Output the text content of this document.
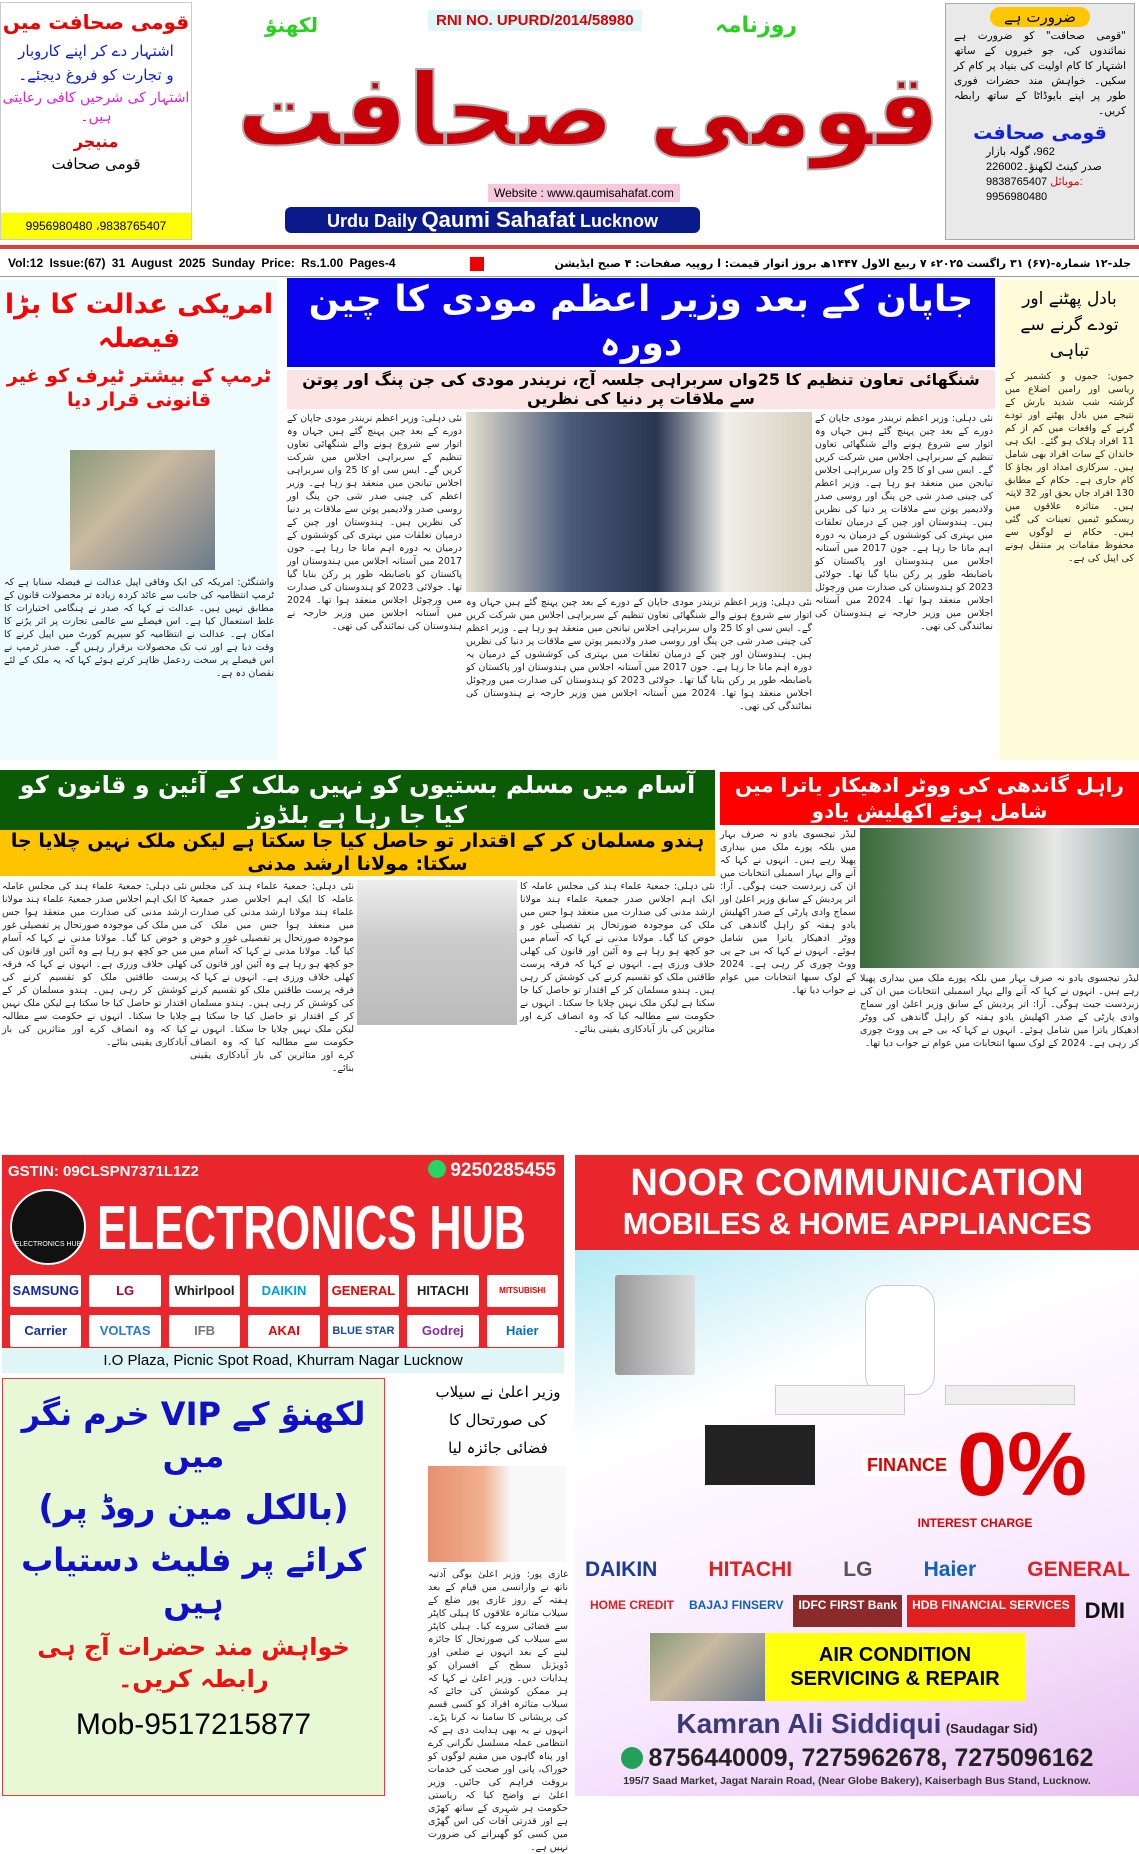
قومی صحافت میں
اشتہار دے کر اپنے کاروبار
و تجارت کو فروغ دیجئے۔
اشتہار کی شرحیں کافی رعایتی ہیں۔
منیجر
قومی صحافت
9956980480 ،9838765407
RNI NO. UPURD/2014/58980
لکھنؤ	روزنامہ
قومی صحافت
Website : www.qaumisahafat.com
Urdu Daily Qaumi Sahafat Lucknow
ضرورت ہے
"قومی صحافت" کو ضرورت ہے نمائندوں کی، جو خبروں کے ساتھ اشتہار کا کام اولیت کی بنیاد پر کام کر سکیں۔ خواہش مند حضرات فوری طور پر اپنے بایوڈاٹا کے ساتھ رابطہ کریں۔
قومی صحافت
962، گولہ بازار
صدر کینٹ لکھنؤ۔226002
9838765407 موبائل:
9956980480
Vol:12 Issue:(67) 31 August 2025 Sunday Price: Rs.1.00 Pages-4	جلد-۱۲ شمارہ-(۶۷) ۳۱ راگست ۲۰۲۵ء ۷ ربیع الاول ۱۴۴۷ھ بروز اتوار قیمت: ا روپیہ صفحات: ۴ صبح ایڈیشن
امریکی عدالت کا بڑا فیصلہ
ٹرمپ کے بیشتر ٹیرف کو غیر قانونی قرار دیا
واشنگٹن: امریکہ کی ایک وفاقی اپیل عدالت نے فیصلہ سنایا ہے کہ ٹرمپ انتظامیہ کی جانب سے عائد کردہ زیادہ تر محصولات قانون کے مطابق نہیں ہیں۔ عدالت نے کہا کہ صدر نے ہنگامی اختیارات کا غلط استعمال کیا ہے۔ اس فیصلے سے عالمی تجارت پر اثر پڑنے کا امکان ہے۔ عدالت نے انتظامیہ کو سپریم کورٹ میں اپیل کرنے کا وقت دیا ہے اور تب تک محصولات برقرار رہیں گے۔ صدر ٹرمپ نے اس فیصلے پر سخت ردعمل ظاہر کرتے ہوئے کہا کہ یہ ملک کے لئے نقصان دہ ہے۔
جاپان کے بعد وزیر اعظم مودی کا چین دورہ
شنگھائی تعاون تنظیم کا 25واں سربراہی جلسہ آج، نریندر مودی کی جن پنگ اور پوتن سے ملاقات پر دنیا کی نظریں
نئی دہلی: وزیر اعظم نریندر مودی جاپان کے دورے کے بعد چین پہنچ گئے ہیں جہاں وہ اتوار سے شروع ہونے والے شنگھائی تعاون تنظیم کے سربراہی اجلاس میں شرکت کریں گے۔ ایس سی او کا 25 واں سربراہی اجلاس تیانجن میں منعقد ہو رہا ہے۔ وزیر اعظم کی چینی صدر شی جن پنگ اور روسی صدر ولادیمیر پوتن سے ملاقات پر دنیا کی نظریں ہیں۔ ہندوستان اور چین کے درمیان تعلقات میں بہتری کی کوششوں کے درمیان یہ دورہ اہم مانا جا رہا ہے۔ جون 2017 میں آستانہ اجلاس میں ہندوستان اور پاکستان کو باضابطہ طور پر رکن بنایا گیا تھا۔ جولائی 2023 کو ہندوستان کی صدارت میں ورچوئل اجلاس منعقد ہوا تھا۔ 2024 میں آستانہ اجلاس میں وزیر خارجہ نے ہندوستان کی نمائندگی کی تھی۔
نئی دہلی: وزیر اعظم نریندر مودی جاپان کے دورے کے بعد چین پہنچ گئے ہیں جہاں وہ اتوار سے شروع ہونے والے شنگھائی تعاون تنظیم کے سربراہی اجلاس میں شرکت کریں گے۔ ایس سی او کا 25 واں سربراہی اجلاس تیانجن میں منعقد ہو رہا ہے۔ وزیر اعظم کی چینی صدر شی جن پنگ اور روسی صدر ولادیمیر پوتن سے ملاقات پر دنیا کی نظریں ہیں۔ ہندوستان اور چین کے درمیان تعلقات میں بہتری کی کوششوں کے درمیان یہ دورہ اہم مانا جا رہا ہے۔ جون 2017 میں آستانہ اجلاس میں ہندوستان اور پاکستان کو باضابطہ طور پر رکن بنایا گیا تھا۔ جولائی 2023 کو ہندوستان کی صدارت میں ورچوئل اجلاس منعقد ہوا تھا۔ 2024 میں آستانہ اجلاس میں وزیر خارجہ نے ہندوستان کی نمائندگی کی تھی۔
نئی دہلی: وزیر اعظم نریندر مودی جاپان کے دورے کے بعد چین پہنچ گئے ہیں جہاں وہ اتوار سے شروع ہونے والے شنگھائی تعاون تنظیم کے سربراہی اجلاس میں شرکت کریں گے۔ ایس سی او کا 25 واں سربراہی اجلاس تیانجن میں منعقد ہو رہا ہے۔ وزیر اعظم کی چینی صدر شی جن پنگ اور روسی صدر ولادیمیر پوتن سے ملاقات پر دنیا کی نظریں ہیں۔ ہندوستان اور چین کے درمیان تعلقات میں بہتری کی کوششوں کے درمیان یہ دورہ اہم مانا جا رہا ہے۔ جون 2017 میں آستانہ اجلاس میں ہندوستان اور پاکستان کو باضابطہ طور پر رکن بنایا گیا تھا۔ جولائی 2023 کو ہندوستان کی صدارت میں ورچوئل اجلاس منعقد ہوا تھا۔ 2024 میں آستانہ اجلاس میں وزیر خارجہ نے ہندوستان کی نمائندگی کی تھی۔
بادل پھٹنے اور تودے گرنے سے تباہی
جموں: جموں و کشمیر کے ریاسی اور رامبن اضلاع میں گزشتہ شب شدید بارش کے نتیجے میں بادل پھٹنے اور تودے گرنے کے واقعات میں کم از کم 11 افراد ہلاک ہو گئے۔ ایک ہی خاندان کے سات افراد بھی شامل ہیں۔ سرکاری امداد اور بچاؤ کا کام جاری ہے۔ حکام کے مطابق 130 افراد جاں بحق اور 32 لاپتہ ہیں۔ متاثرہ علاقوں میں ریسکیو ٹیمیں تعینات کی گئی ہیں۔ حکام نے لوگوں سے محفوظ مقامات پر منتقل ہونے کی اپیل کی ہے۔
آسام میں مسلم بستیوں کو نہیں ملک کے آئین و قانون کو کیا جا رہا ہے بلڈوز
ہندو مسلمان کر کے اقتدار تو حاصل کیا جا سکتا ہے لیکن ملک نہیں چلایا جا سکتا: مولانا ارشد مدنی
نئی دہلی: جمعیۃ علماء ہند کی مجلس عاملہ کا ایک اہم اجلاس صدر جمعیۃ علماء ہند مولانا ارشد مدنی کی صدارت میں منعقد ہوا جس میں ملک کی موجودہ صورتحال پر تفصیلی غور و خوض کیا گیا۔ مولانا مدنی نے کہا کہ آسام میں جو کچھ ہو رہا ہے وہ آئین اور قانون کی کھلی خلاف ورزی ہے۔ انہوں نے کہا کہ فرقہ پرست طاقتیں ملک کو تقسیم کرنے کی کوشش کر رہی ہیں۔ ہندو مسلمان کر کے اقتدار تو حاصل کیا جا سکتا ہے لیکن ملک نہیں چلایا جا سکتا۔ انہوں نے حکومت سے مطالبہ کیا کہ وہ انصاف کرے اور متاثرین کی باز آبادکاری یقینی بنائے۔
نئی دہلی: جمعیۃ علماء ہند کی مجلس عاملہ کا ایک اہم اجلاس صدر جمعیۃ علماء ہند مولانا ارشد مدنی کی صدارت میں منعقد ہوا جس میں ملک کی موجودہ صورتحال پر تفصیلی غور و خوض کیا گیا۔ مولانا مدنی نے کہا کہ آسام میں جو کچھ ہو رہا ہے وہ آئین اور قانون کی کھلی خلاف ورزی ہے۔ انہوں نے کہا کہ فرقہ پرست طاقتیں ملک کو تقسیم کرنے کی کوشش کر رہی ہیں۔ ہندو مسلمان کر کے اقتدار تو حاصل کیا جا سکتا ہے لیکن ملک نہیں چلایا جا سکتا۔ انہوں نے حکومت سے مطالبہ کیا کہ وہ انصاف کرے اور متاثرین کی باز آبادکاری یقینی بنائے۔
نئی دہلی: جمعیۃ علماء ہند کی مجلس عاملہ کا ایک اہم اجلاس صدر جمعیۃ علماء ہند مولانا ارشد مدنی کی صدارت میں منعقد ہوا جس میں ملک کی موجودہ صورتحال پر تفصیلی غور و خوض کیا گیا۔ مولانا مدنی نے کہا کہ آسام میں جو کچھ ہو رہا ہے وہ آئین اور قانون کی کھلی خلاف ورزی ہے۔ انہوں نے کہا کہ فرقہ پرست طاقتیں ملک کو تقسیم کرنے کی کوشش کر رہی ہیں۔ ہندو مسلمان کر کے اقتدار تو حاصل کیا جا سکتا ہے لیکن ملک نہیں چلایا جا سکتا۔ انہوں نے حکومت سے مطالبہ کیا کہ وہ انصاف کرے اور متاثرین کی باز آبادکاری یقینی بنائے۔
راہل گاندھی کی ووٹر ادھیکار یاترا میں شامل ہوئے اکھلیش یادو
لیڈر تیجسوی یادو نہ صرف بہار میں بلکہ پورے ملک میں بیداری پھیلا رہے ہیں۔ انہوں نے کہا کہ آنے والے بہار اسمبلی انتخابات میں ان کی زبردست جیت ہوگی۔ آرا: اتر پردیش کے سابق وزیر اعلیٰ اور سماج وادی پارٹی کے صدر اکھلیش یادو ہفتہ کو راہل گاندھی کی ووٹر ادھیکار یاترا میں شامل ہوئے۔ انہوں نے کہا کہ بی جے پی ووٹ چوری کر رہی ہے۔ 2024 کے لوک سبھا انتخابات میں عوام نے جواب دیا تھا۔
لیڈر تیجسوی یادو نہ صرف بہار میں بلکہ پورے ملک میں بیداری پھیلا رہے ہیں۔ انہوں نے کہا کہ آنے والے بہار اسمبلی انتخابات میں ان کی زبردست جیت ہوگی۔ آرا: اتر پردیش کے سابق وزیر اعلیٰ اور سماج وادی پارٹی کے صدر اکھلیش یادو ہفتہ کو راہل گاندھی کی ووٹر ادھیکار یاترا میں شامل ہوئے۔ انہوں نے کہا کہ بی جے پی ووٹ چوری کر رہی ہے۔ 2024 کے لوک سبھا انتخابات میں عوام نے جواب دیا تھا۔
GSTIN: 09CLSPN7371L1Z2	9250285455
ELECTRONICS HUB ELECTRONICS HUB
SAMSUNG	LG	Whirlpool	DAIKIN	GENERAL	HITACHI	MITSUBISHI
Carrier	VOLTAS	IFB	AKAI	BLUE STAR	Godrej	Haier
I.O Plaza, Picnic Spot Road, Khurram Nagar Lucknow
NOOR COMMUNICATION
MOBILES & HOME APPLIANCES
FINANCE 0%
INTEREST CHARGE
DAIKIN HITACHI LG Haier GENERAL
HOME CREDIT	BAJAJ FINSERV	IDFC FIRST Bank	HDB FINANCIAL SERVICES DMI
AIR CONDITION
SERVICING & REPAIR
Kamran Ali Siddiqui (Saudagar Sid)
8756440009, 7275962678, 7275096162
195/7 Saad Market, Jagat Narain Road, (Near Globe Bakery), Kaiserbagh Bus Stand, Lucknow.
لکھنؤ کے VIP خرم نگر میں
(بالکل مین روڈ پر)
کرائے پر فلیٹ دستیاب ہیں
خواہش مند حضرات آج ہی رابطہ کریں۔
Mob-9517215877
وزیر اعلیٰ نے سیلاب کی صورتحال کا فضائی جائزہ لیا
غازی پور: وزیر اعلیٰ یوگی آدتیہ ناتھ نے وارانسی میں قیام کے بعد ہفتہ کے روز غازی پور ضلع کے سیلاب متاثرہ علاقوں کا ہیلی کاپٹر سے فضائی سروے کیا۔ ہیلی کاپٹر سے سیلاب کی صورتحال کا جائزہ لینے کے بعد انہوں نے ضلعی اور ڈویژنل سطح کے افسران کو ہدایات دیں۔ وزیر اعلیٰ نے کہا کہ ہر ممکن کوشش کی جائے کہ سیلاب متاثرہ افراد کو کسی قسم کی پریشانی کا سامنا نہ کرنا پڑے۔ انہوں نے یہ بھی ہدایت دی ہے کہ انتظامی عملہ مسلسل نگرانی کرے اور پناہ گاہوں میں مقیم لوگوں کو خوراک، پانی اور صحت کی خدمات بروقت فراہم کی جائیں۔ وزیر اعلیٰ نے واضح کیا کہ ریاستی حکومت ہر شہری کے ساتھ کھڑی ہے اور قدرتی آفات کی اس گھڑی میں کسی کو گھبرانے کی ضرورت نہیں ہے۔
